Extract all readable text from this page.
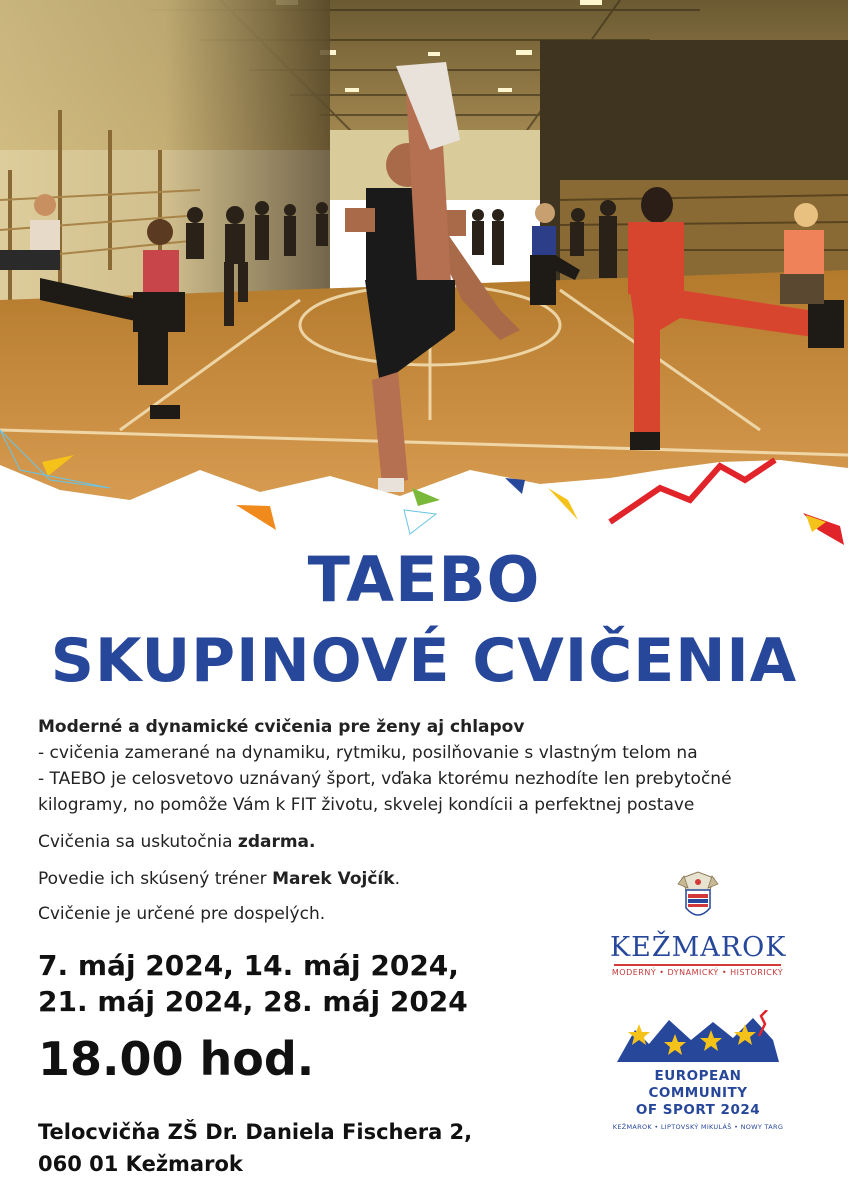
TAEBO
SKUPINOVÉ CVIČENIA
Moderné a dynamické cvičenia pre ženy aj chlapov
- cvičenia zamerané na dynamiku, rytmiku, posilňovanie s vlastným telom na
- TAEBO je celosvetovo uznávaný šport, vďaka ktorému nezhodíte len prebytočné kilogramy, no pomôže Vám k FIT životu, skvelej kondícii a perfektnej postave
Cvičenia sa uskutočnia zdarma.
Povedie ich skúsený tréner Marek Vojčík.
Cvičenie je určené pre dospelých.
7. máj 2024, 14. máj 2024,
21. máj 2024, 28. máj 2024
18.00 hod.
Telocvičňa ZŠ Dr. Daniela Fischera 2,
060 01 Kežmarok
KEŽMAROK
MODERNÝ • DYNAMICKÝ • HISTORICKÝ
EUROPEAN COMMUNITY
OF SPORT 2024
KEŽMAROK • LIPTOVSKÝ MIKULÁŠ • NOWY TARG
